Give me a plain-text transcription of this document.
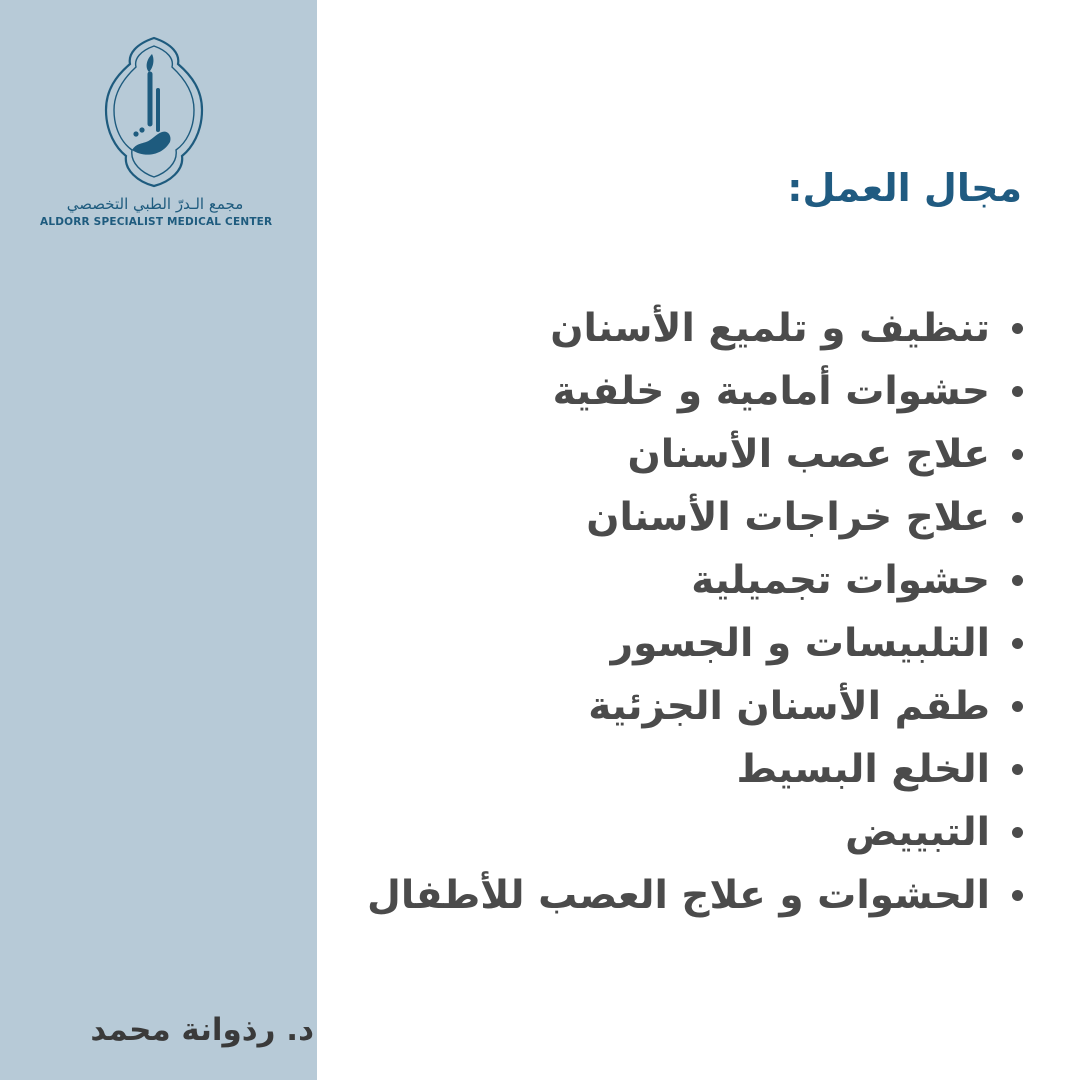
مجمع الـدرّ الطبي التخصصي
ALDORR SPECIALIST MEDICAL CENTER
د. رذوانة محمد
مجال العمل:
تنظيف و تلميع الأسنان
حشوات أمامية و خلفية
علاج عصب الأسنان
علاج خراجات الأسنان
حشوات تجميلية
التلبيسات و الجسور
طقم الأسنان الجزئية
الخلع البسيط
التبييض
الحشوات و علاج العصب للأطفال
